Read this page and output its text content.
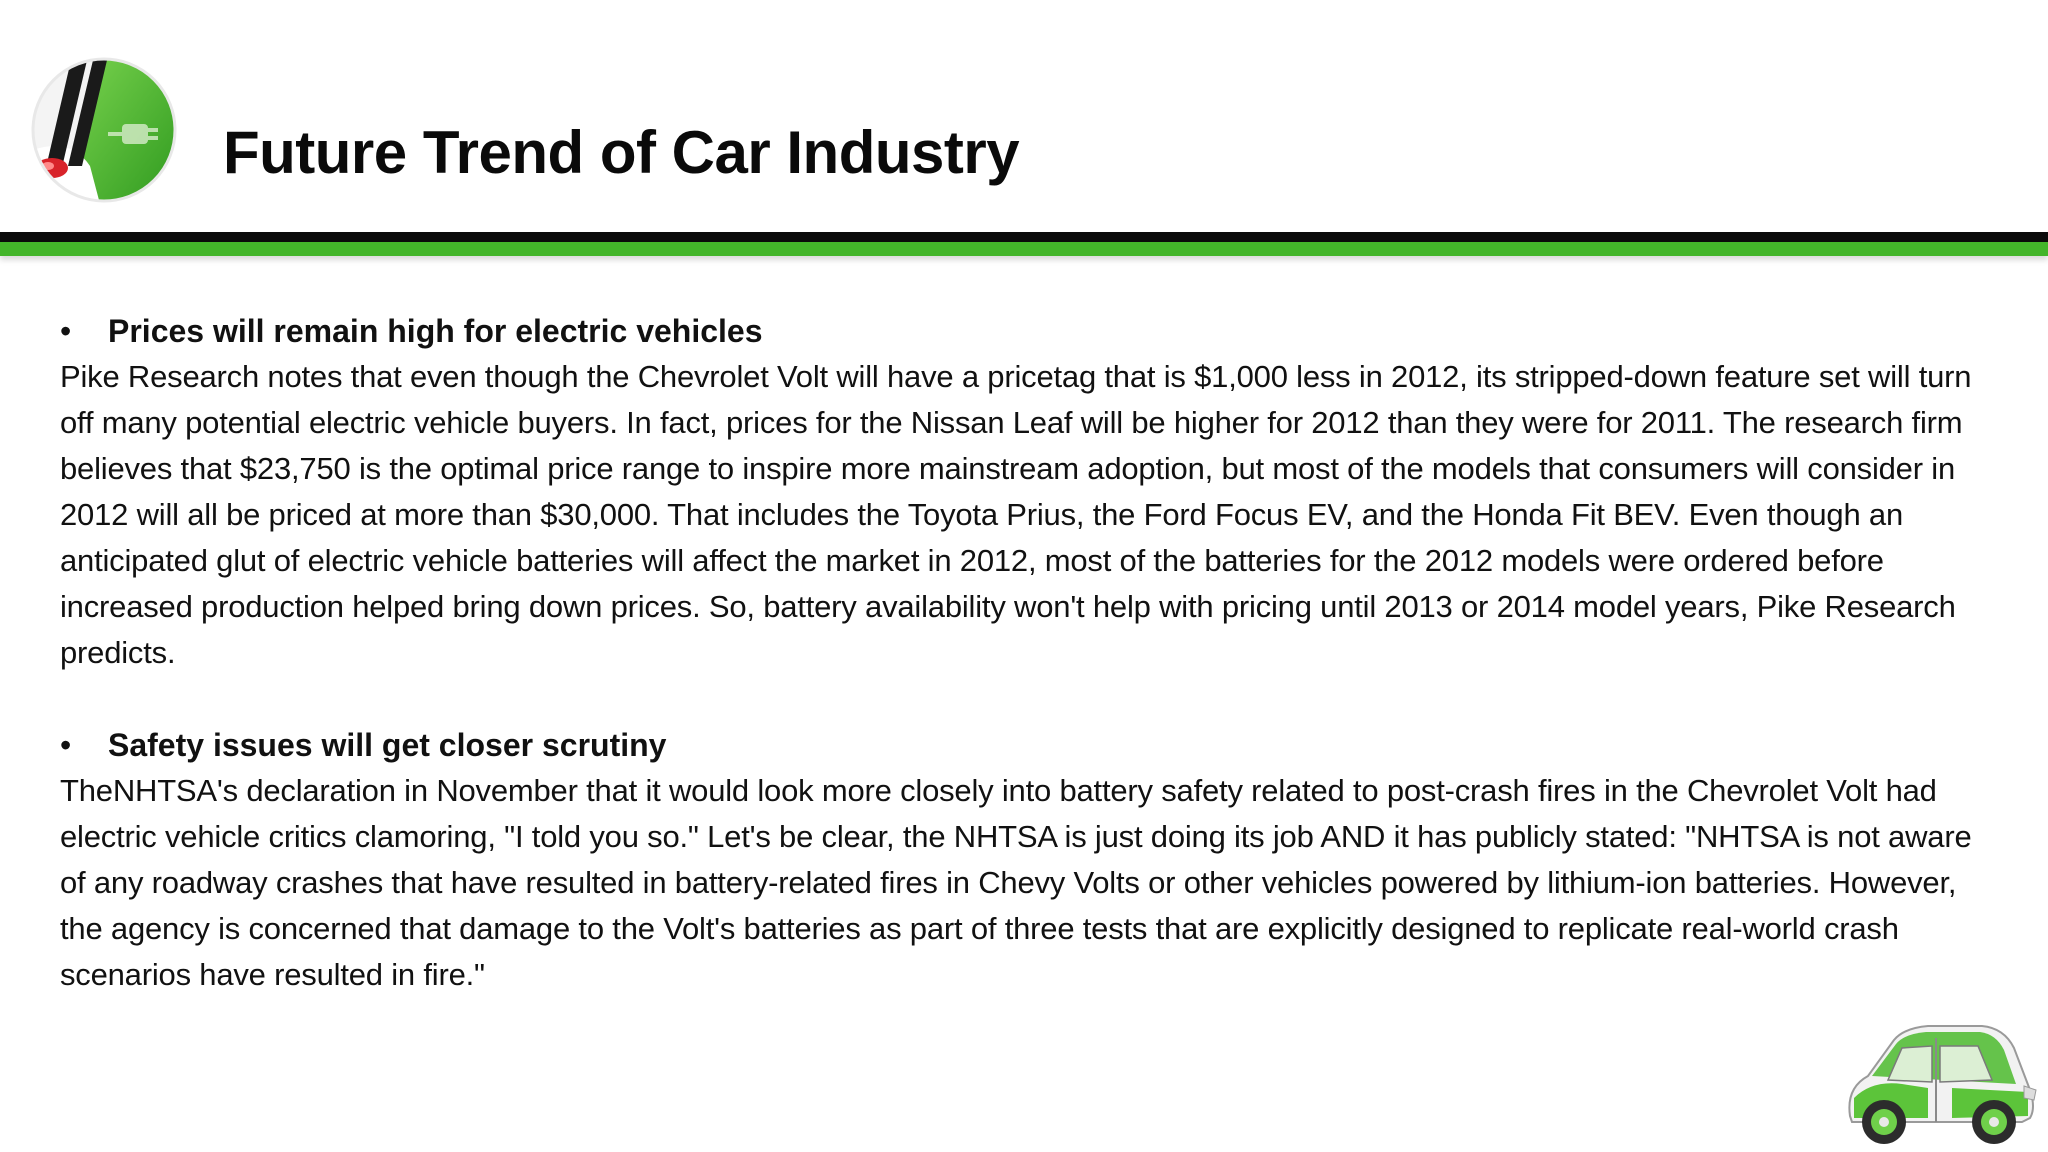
Future Trend of Car Industry

•	Prices will remain high for electric vehicles

Pike Research notes that even though the Chevrolet Volt will have a pricetag that is $1,000 less in 2012, its stripped-down feature set will turn off many potential electric vehicle buyers. In fact, prices for the Nissan Leaf will be higher for 2012 than they were for 2011. The research firm believes that $23,750 is the optimal price range to inspire more mainstream adoption, but most of the models that consumers will consider in 2012 will all be priced at more than $30,000. That includes the Toyota Prius, the Ford Focus EV, and the Honda Fit BEV. Even though an anticipated glut of electric vehicle batteries will affect the market in 2012, most of the batteries for the 2012 models were ordered before increased production helped bring down prices. So, battery availability won't help with pricing until 2013 or 2014 model years, Pike Research predicts.

•	Safety issues will get closer scrutiny

TheNHTSA's declaration in November that it would look more closely into battery safety related to post-crash fires in the Chevrolet Volt had electric vehicle critics clamoring, "I told you so." Let's be clear, the NHTSA is just doing its job AND it has publicly stated: "NHTSA is not aware of any roadway crashes that have resulted in battery-related fires in Chevy Volts or other vehicles powered by lithium-ion batteries. However, the agency is concerned that damage to the Volt's batteries as part of three tests that are explicitly designed to replicate real-world crash scenarios have resulted in fire."
